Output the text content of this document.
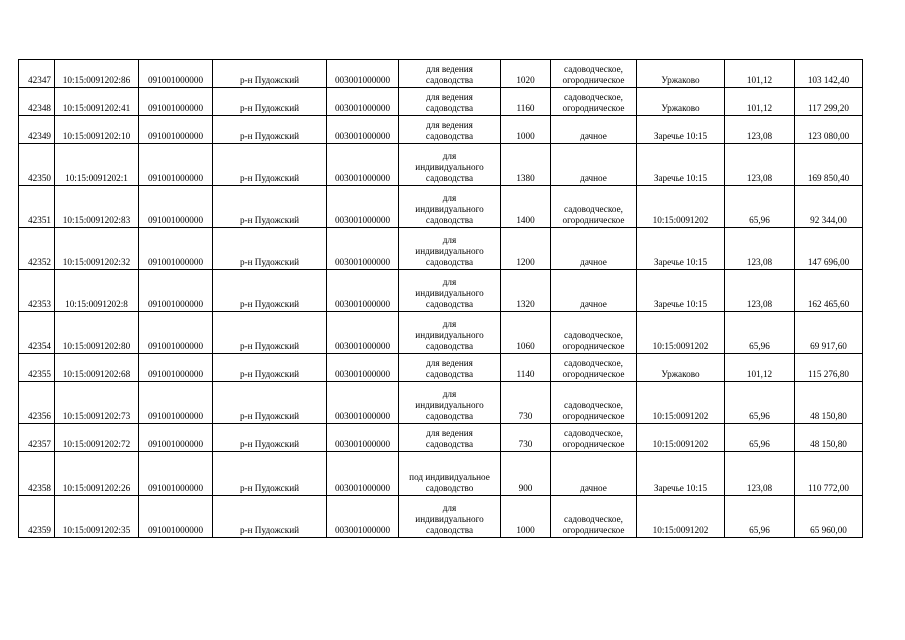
42347	10:15:0091202:86	091001000000	р-н Пудожский	003001000000	для ведения
садоводства	1020	садоводческое,
огородническое	Уржаково	101,12	103 142,40
42348	10:15:0091202:41	091001000000	р-н Пудожский	003001000000	для ведения
садоводства	1160	садоводческое,
огородническое	Уржаково	101,12	117 299,20
42349	10:15:0091202:10	091001000000	р-н Пудожский	003001000000	для ведения
садоводства	1000	дачное	Заречье 10:15	123,08	123 080,00
42350	10:15:0091202:1	091001000000	р-н Пудожский	003001000000	для
индивидуального
садоводства	1380	дачное	Заречье 10:15	123,08	169 850,40
42351	10:15:0091202:83	091001000000	р-н Пудожский	003001000000	для
индивидуального
садоводства	1400	садоводческое,
огородническое	10:15:0091202	65,96	92 344,00
42352	10:15:0091202:32	091001000000	р-н Пудожский	003001000000	для
индивидуального
садоводства	1200	дачное	Заречье 10:15	123,08	147 696,00
42353	10:15:0091202:8	091001000000	р-н Пудожский	003001000000	для
индивидуального
садоводства	1320	дачное	Заречье 10:15	123,08	162 465,60
42354	10:15:0091202:80	091001000000	р-н Пудожский	003001000000	для
индивидуального
садоводства	1060	садоводческое,
огородническое	10:15:0091202	65,96	69 917,60
42355	10:15:0091202:68	091001000000	р-н Пудожский	003001000000	для ведения
садоводства	1140	садоводческое,
огородническое	Уржаково	101,12	115 276,80
42356	10:15:0091202:73	091001000000	р-н Пудожский	003001000000	для
индивидуального
садоводства	730	садоводческое,
огородническое	10:15:0091202	65,96	48 150,80
42357	10:15:0091202:72	091001000000	р-н Пудожский	003001000000	для ведения
садоводства	730	садоводческое,
огородническое	10:15:0091202	65,96	48 150,80
42358	10:15:0091202:26	091001000000	р-н Пудожский	003001000000	под индивидуальное
садоводство	900	дачное	Заречье 10:15	123,08	110 772,00
42359	10:15:0091202:35	091001000000	р-н Пудожский	003001000000	для
индивидуального
садоводства	1000	садоводческое,
огородническое	10:15:0091202	65,96	65 960,00
